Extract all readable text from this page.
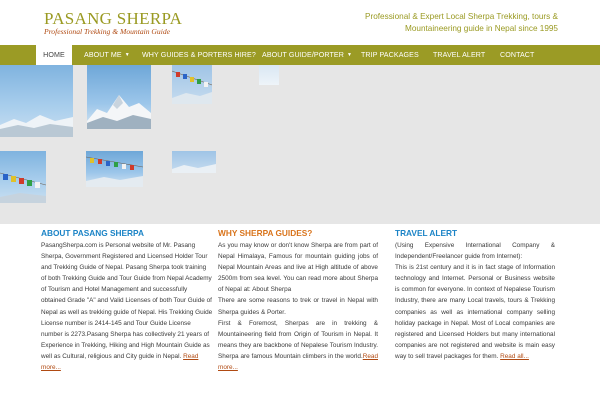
PASANG SHERPA
Professional Trekking & Mountain Guide
Professional & Expert Local Sherpa Trekking, tours &
Mountaineering guide in Nepal since 1995
HOME	ABOUT ME ▼ WHY GUIDES & PORTERS HIRE? ABOUT GUIDE/PORTER ▼ TRIP PACKAGES TRAVEL ALERT CONTACT
ABOUT PASANG SHERPA
PasangSherpa.com is Personal website of Mr. Pasang Sherpa, Government Registered and Licensed Holder Tour and Trekking Guide of Nepal. Pasang Sherpa took training of both Trekking Guide and Tour Guide from Nepal Academy of Tourism and Hotel Management and successfully obtained Grade "A" and Valid Licenses of both Tour Guide of Nepal as well as trekking guide of Nepal. His Trekking Guide License number is 2414-145 and Tour Guide License number is 2273.Pasang Sherpa has collectively 21 years of Experience in Trekking, Hiking and High Mountain Guide as well as Cultural, religious and City guide in Nepal. Read more...
WHY SHERPA GUIDES?

As you may know or don't know Sherpa are from part of Nepal Himalaya, Famous for mountain guiding jobs of Nepal Mountain Areas and live at High altitude of above 2500m from sea level. You can read more about Sherpa of Nepal at: About Sherpa

There are some reasons to trek or travel in Nepal with Sherpa guides & Porter.

First & Foremost, Sherpas are in trekking & Mountaineering field from Origin of Tourism in Nepal. It means they are backbone of Nepalese Tourism Industry. Sherpa are famous Mountain climbers in the world.Read more...

TRAVEL ALERT

(Using Expensive International Company & Independent/Freelancer guide from Internet):

This is 21st century and it is in fact stage of Information technology and Internet. Personal or Business website is common for everyone. In context of Nepalese Tourism Industry, there are many Local travels, tours & Trekking companies as well as international company selling holiday package in Nepal. Most of Local companies are registered and Licensed Holders but many international companies are not registered and website is main easy way to sell travel packages for them. Read all...
